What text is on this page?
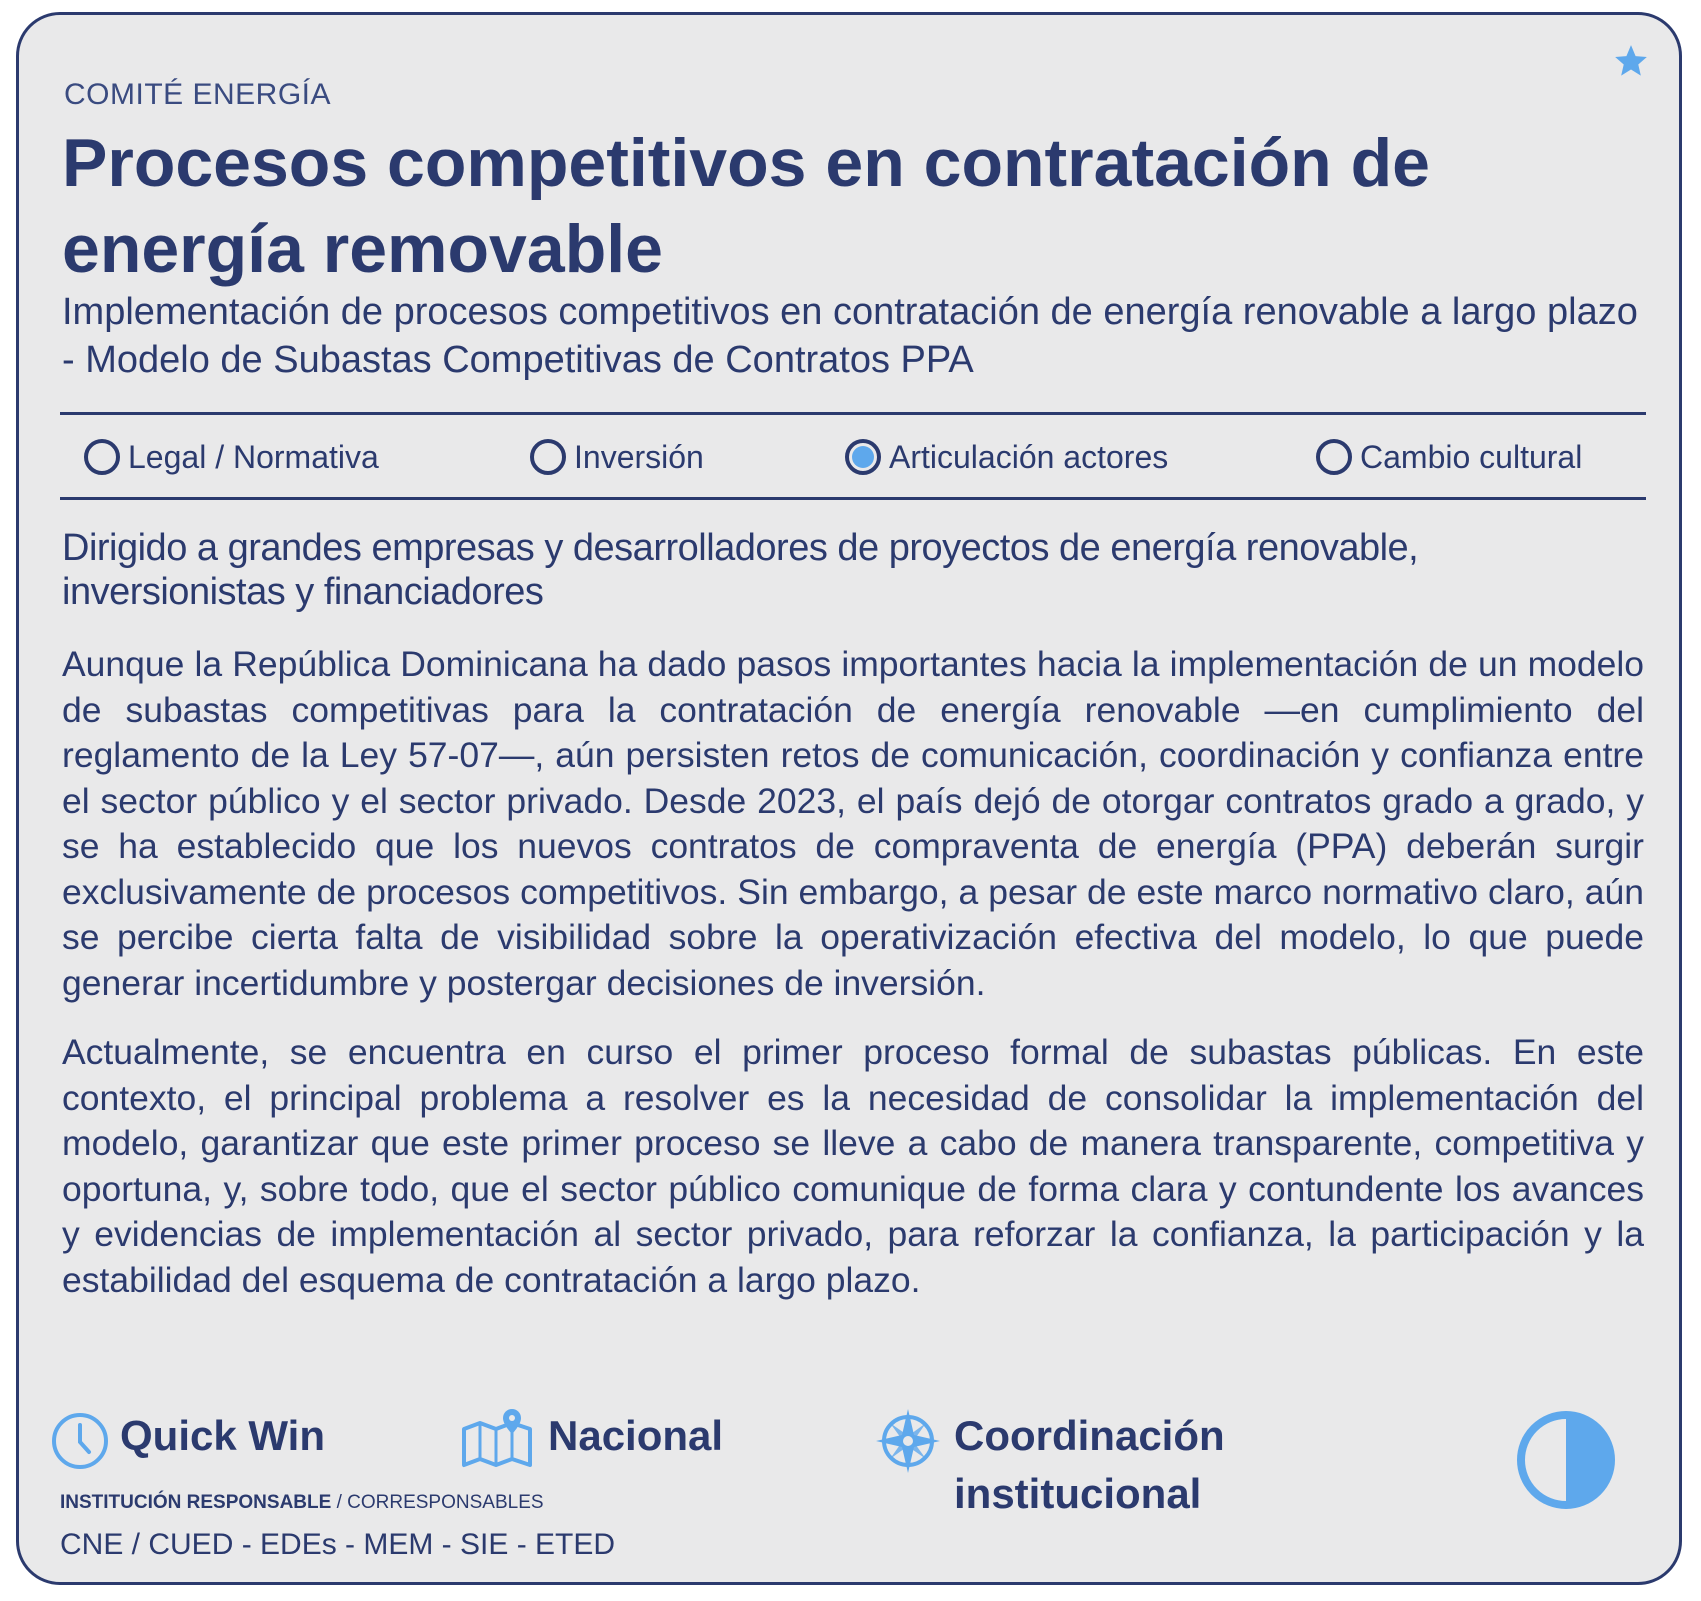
COMITÉ ENERGÍA
Procesos competitivos en contratación de energía removable
Implementación de procesos competitivos en contratación de energía renovable a largo plazo - Modelo de Subastas Competitivas de Contratos PPA
Legal / Normativa	Inversión	Articulación actores	Cambio cultural
Dirigido a grandes empresas y desarrolladores de proyectos de energía renovable, inversionistas y financiadores
Aunque la República Dominicana ha dado pasos importantes hacia la implementación de un modelo de subastas competitivas para la contratación de energía renovable —en cumplimiento del reglamento de la Ley 57-07—, aún persisten retos de comunicación, coordinación y confianza entre el sector público y el sector privado. Desde 2023, el país dejó de otorgar contratos grado a grado, y se ha establecido que los nuevos contratos de compraventa de energía (PPA) deberán surgir exclusivamente de procesos competitivos. Sin embargo, a pesar de este marco normativo claro, aún se percibe cierta falta de visibilidad sobre la operativización efectiva del modelo, lo que puede generar incertidumbre y postergar decisiones de inversión.
Actualmente, se encuentra en curso el primer proceso formal de subastas públicas. En este contexto, el principal problema a resolver es la necesidad de consolidar la implementación del modelo, garantizar que este primer proceso se lleve a cabo de manera transparente, competitiva y oportuna, y, sobre todo, que el sector público comunique de forma clara y contundente los avances y evidencias de implementación al sector privado, para reforzar la confianza, la participación y la estabilidad del esquema de contratación a largo plazo.
Quick Win	Nacional	Coordinación
institucional
INSTITUCIÓN RESPONSABLE / CORRESPONSABLES
CNE / CUED - EDEs - MEM - SIE - ETED
